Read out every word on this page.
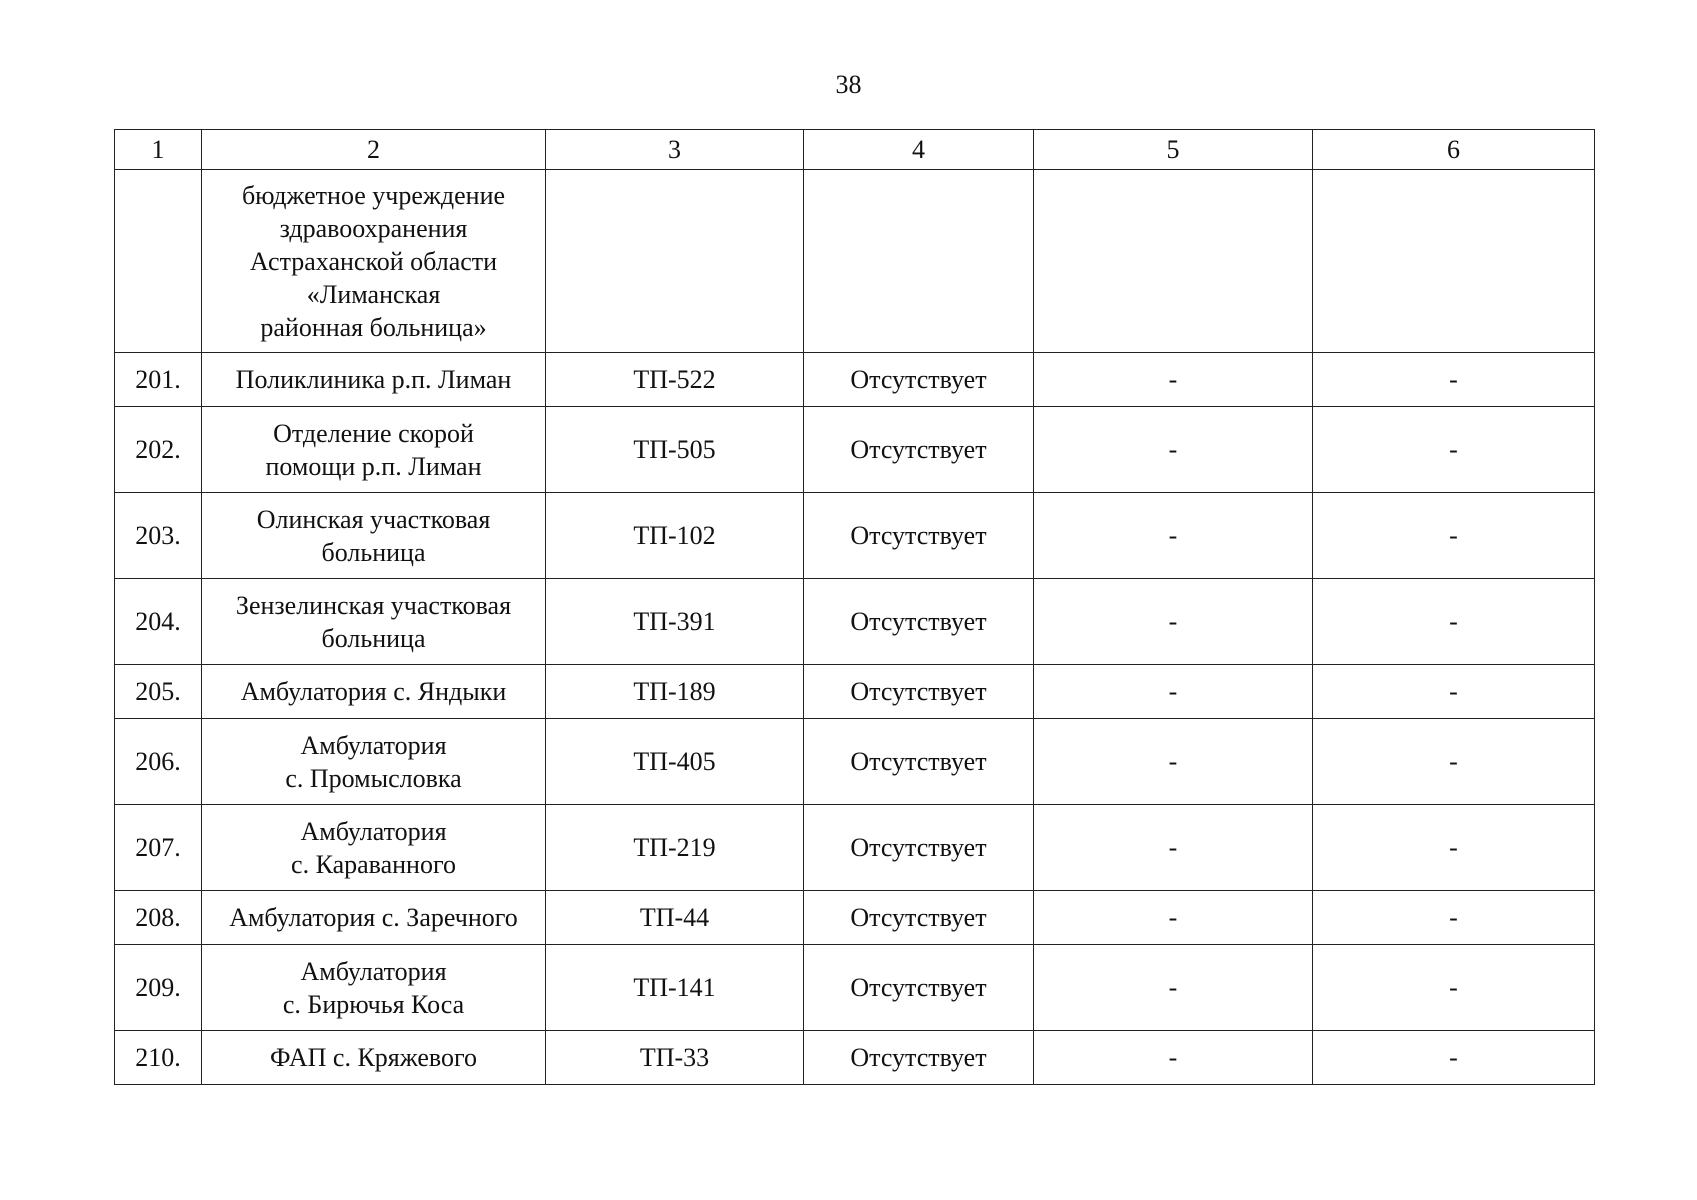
38
1	2	3	4	5	6
	бюджетное учреждение
здравоохранения
Астраханской области
«Лиманская
районная больница»				
201.	Поликлиника р.п. Лиман	ТП-522	Отсутствует	-	-
202.	Отделение скорой
помощи р.п. Лиман	ТП-505	Отсутствует	-	-
203.	Олинская участковая
больница	ТП-102	Отсутствует	-	-
204.	Зензелинская участковая
больница	ТП-391	Отсутствует	-	-
205.	Амбулатория с. Яндыки	ТП-189	Отсутствует	-	-
206.	Амбулатория
с. Промысловка	ТП-405	Отсутствует	-	-
207.	Амбулатория
с. Караванного	ТП-219	Отсутствует	-	-
208.	Амбулатория с. Заречного	ТП-44	Отсутствует	-	-
209.	Амбулатория
с. Бирючья Коса	ТП-141	Отсутствует	-	-
210.	ФАП с. Кряжевого	ТП-33	Отсутствует	-	-
